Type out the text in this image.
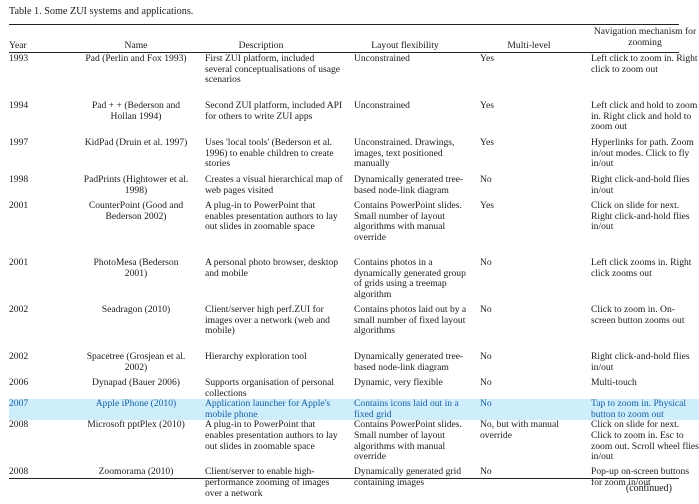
Table 1. Some ZUI systems and applications.
Year	Name	Description	Layout flexibility	Multi-level	Navigation mechanism for zooming
1993	Pad (Perlin and Fox 1993)	First ZUI platform, included several conceptualisations of usage scenarios	Unconstrained	Yes	Left click to zoom in. Right click to zoom out
1994	Pad + + (Bederson and Hollan 1994)	Second ZUI platform, included API for others to write ZUI apps	Unconstrained	Yes	Left click and hold to zoom in. Right click and hold to zoom out
1997	KidPad (Druin et al. 1997)	Uses 'local tools' (Bederson et al. 1996) to enable children to create stories	Unconstrained. Drawings, images, text positioned manually	Yes	Hyperlinks for path. Zoom in/out modes. Click to fly in/out
1998	PadPrints (Hightower et al. 1998)	Creates a visual hierarchical map of web pages visited	Dynamically generated tree-based node-link diagram	No	Right click-and-hold flies in/out
2001	CounterPoint (Good and Bederson 2002)	A plug-in to PowerPoint that enables presentation authors to lay out slides in zoomable space	Contains PowerPoint slides. Small number of layout algorithms with manual override	Yes	Click on slide for next. Right click-and-hold flies in/out
2001	PhotoMesa (Bederson 2001)	A personal photo browser, desktop and mobile	Contains photos in a dynamically generated group of grids using a treemap algorithm	No	Left click zooms in. Right click zooms out
2002	Seadragon (2010)	Client/server high perf.ZUI for images over a network (web and mobile)	Contains photos laid out by a small number of fixed layout algorithms	No	Click to zoom in. On-screen button zooms out
2002	Spacetree (Grosjean et al. 2002)	Hierarchy exploration tool	Dynamically generated tree-based node-link diagram	No	Right click-and-hold flies in/out
2006	Dynapad (Bauer 2006)	Supports organisation of personal collections	Dynamic, very flexible	No	Multi-touch
2007	Apple iPhone (2010)	Application launcher for Apple's mobile phone	Contains icons laid out in a fixed grid	No	Tap to zoom in. Physical button to zoom out
2008	Microsoft pptPlex (2010)	A plug-in to PowerPoint that enables presentation authors to lay out slides in zoomable space	Contains PowerPoint slides. Small number of layout algorithms with manual override	No, but with manual override	Click on slide for next. Click to zoom in. Esc to zoom out. Scroll wheel flies in/out
2008	Zoomorama (2010)	Client/server to enable high-performance zooming of images over a network	Dynamically generated grid containing images	No	Pop-up on-screen buttons for zoom in/out
(continued)
